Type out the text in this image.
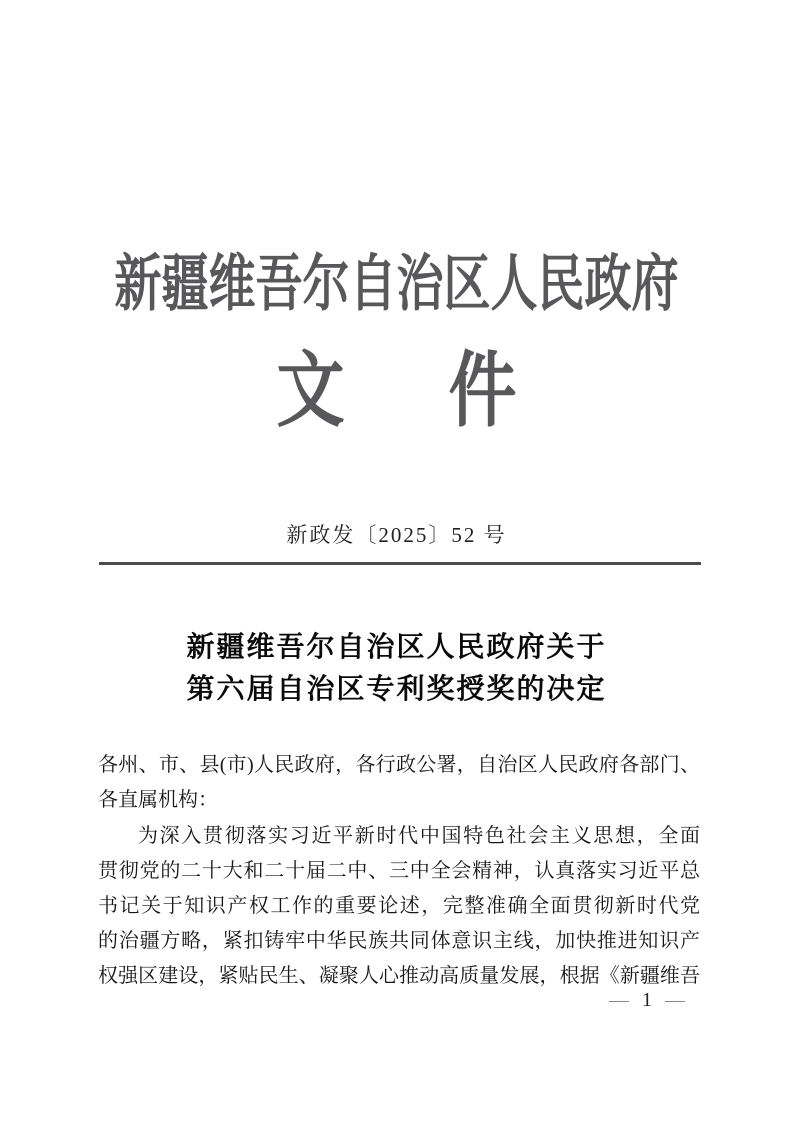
新疆维吾尔自治区人民政府
文 件
新政发〔2025〕52 号
新疆维吾尔自治区人民政府关于
第六届自治区专利奖授奖的决定
各州、市、县(市)人民政府，各行政公署，自治区人民政府各部门、
各直属机构：
为深入贯彻落实习近平新时代中国特色社会主义思想，全面
贯彻党的二十大和二十届二中、三中全会精神，认真落实习近平总
书记关于知识产权工作的重要论述，完整准确全面贯彻新时代党
的治疆方略，紧扣铸牢中华民族共同体意识主线，加快推进知识产
权强区建设，紧贴民生、凝聚人心推动高质量发展，根据《新疆维吾
— 1 —
